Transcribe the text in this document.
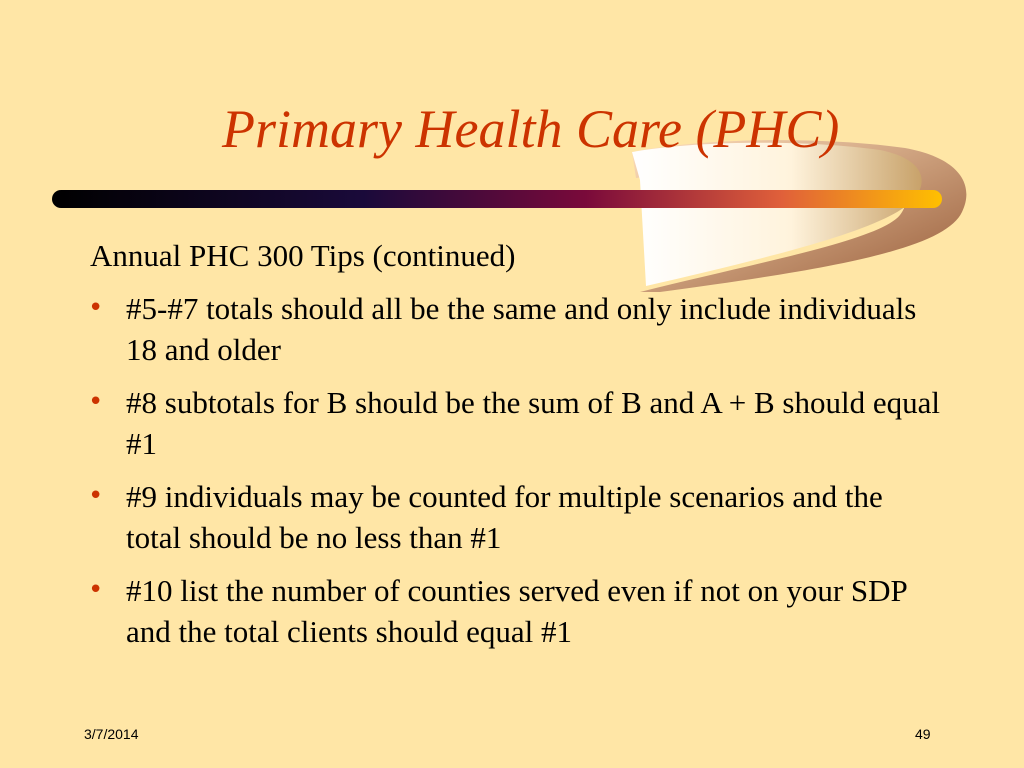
Primary Health Care (PHC)
Annual PHC 300 Tips (continued)
• #5-#7 totals should all be the same and only include individuals 18 and older
• #8 subtotals for B should be the sum of B and A + B should equal #1
• #9 individuals may be counted for multiple scenarios and the total should be no less than #1
• #10 list the number of counties served even if not on your SDP and the total clients should equal #1
3/7/2014	49
